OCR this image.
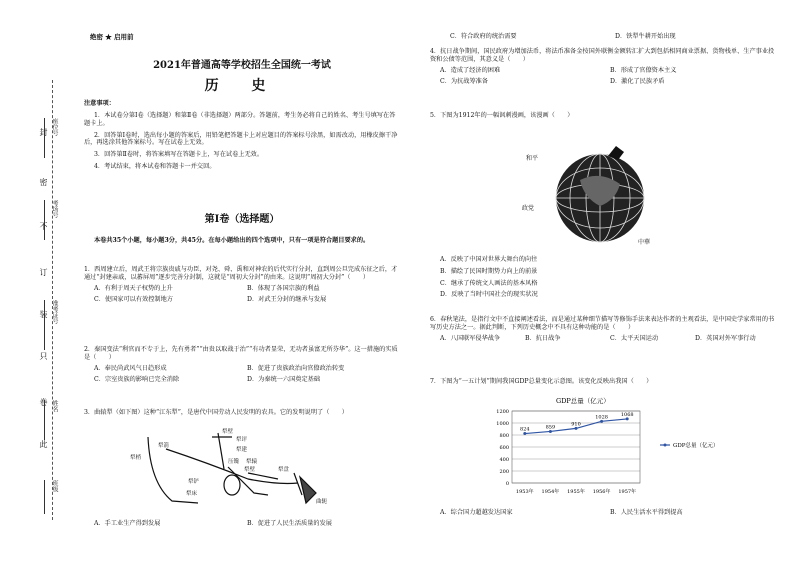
封
密
不
订
装
只
卷
此
座位号
考场号
准考证号
姓名
班级
绝密 ★ 启用前
2021年普通高等学校招生全国统一考试
历 史
注意事项：

1．本试卷分第Ⅰ卷（选择题）和第Ⅱ卷（非选择题）两部分。答题前，考生务必将自己的姓名、考生号填写在答题卡上。

2．回答第Ⅰ卷时，选出每小题的答案后，用铅笔把答题卡上对应题目的答案标号涂黑，如需改动，用橡皮擦干净后，再选涂其他答案标号。写在试卷上无效。

3．回答第Ⅱ卷时，将答案填写在答题卡上，写在试卷上无效。

4．考试结束，将本试卷和答题卡一并交回。

第Ⅰ卷（选择题）
本卷共35个小题，每小题3分，共45分。在每小题给出的四个选项中，只有一项是符合题目要求的。
1．西周建立后，周武王将宗族贵戚与功臣，对尧、舜、禹和对神农的后代实行分封，直到周公旦完成东征之后，才通过“封建亲戚，以蕃屏周”逐步完善分封制，这就是“周初大分封”的由来。这说明“周初大分封”（　　）
A．有利于周天子权势的上升	B．体现了各国宗族的利益
C．使国家可以有效控制地方	D．对武王分封的继承与发展
2．秦国变法“利官而不专于上，先有勇者”“由贵以取战于治”“有功者显荣，无功者虽富无所芬华”。这一措施的实质是（　　）
A．奉民尚武风气日趋形成	B．促进了贵族政治向官僚政治转变
C．宗室贵族的影响已完全消除	D．为秦统一六国奠定基础
3．曲辕犁（如下图）这种“江东犁”，是唐代中国劳动人民发明的农具。它的发明说明了（　　）
犁壁
犁评
犁建
犁箭
犁梢
犁辕
压镵
犁壁
犁铲
犁床
犁盘
曲轭
A．手工业生产得到发展	B．促进了人民生活质量的发展
C．符合政府的统治需要	D．铁犁牛耕开始出现
4．抗日战争期间，国民政府为增加法币，将法币准备金按国外联衡金额转汇扩大到包括相同商业票据、货物栈单、生产事业投资和公债等范围，其意义是（　　）
A．造成了经济的困难	B．形成了官僚资本主义
C．为抗战筹准备	D．激化了民族矛盾
5．下图为1912年的一幅讽刺漫画，该漫画（　　）
和平
政党
中華
A．反映了中国对世界大舞台的向往
B．描绘了民国时期势力向上的前景
C．继承了传统文人画法的基本风格
D．反映了当时中国社会的现实状况
6．春秋笔法，是指行文中不直接阐述看法，而是通过某种细节描写等修饰手法来表达作者的主观看法，是中国史学家常用的书写历史方法之一。据此判断，下列历史概念中不具有这种功能的是（　　）
A．八国联军侵华战争	B．抗日战争	C．太平天国运动	D．英国对外军事行动
7．下图为“一五计划”期间我国GDP总量变化示意图。该变化反映出我国（　　）
GDP总量（亿元）
0
200
400
600
800
1000
1200
1953年 1954年 1955年 1956年 1957年
824	859
910
1028	1068
GDP总量（亿元）
A．综合国力超越发达国家	B．人民生活水平得到提高
